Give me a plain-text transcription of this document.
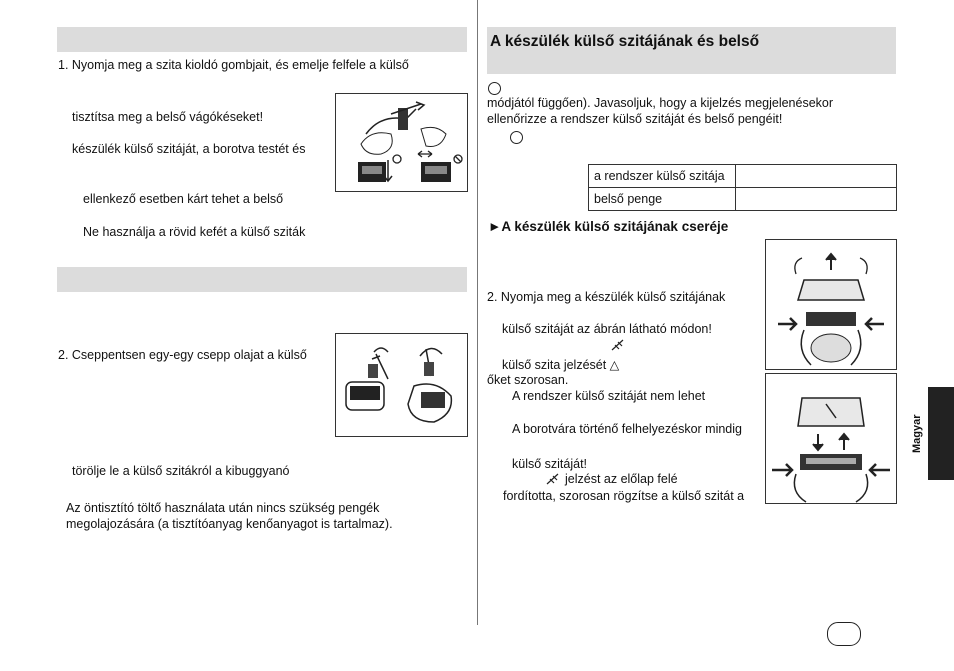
1. Nyomja meg a szita kioldó gombjait, és emelje felfele a külső
tisztítsa meg a belső vágókéseket!
készülék külső szitáját, a borotva testét és
ellenkező esetben kárt tehet a belső
Ne használja a rövid kefét a külső sziták
2. Cseppentsen egy-egy csepp olajat a külső
törölje le a külső szitákról a kibuggyanó
Az öntisztító töltő használata után nincs szükség pengék
megolajozására (a tisztítóanyag kenőanyagot is tartalmaz).
A készülék külső szitájának és belső
módjától függően). Javasoljuk, hogy a kijelzés megjelenésekor
ellenőrizze a rendszer külső szitáját és belső pengéit!
a rendszer külső szitája	
belső penge	
►A készülék külső szitájának cseréje
2. Nyomja meg a készülék külső szitájának
külső szitáját az ábrán látható módon!
külső szita jelzését △
őket szorosan.
A rendszer külső szitáját nem lehet
A borotvára történő felhelyezéskor mindig
külső szitáját!
jelzést az előlap felé
fordította, szorosan rögzítse a külső szitát a
Magyar
